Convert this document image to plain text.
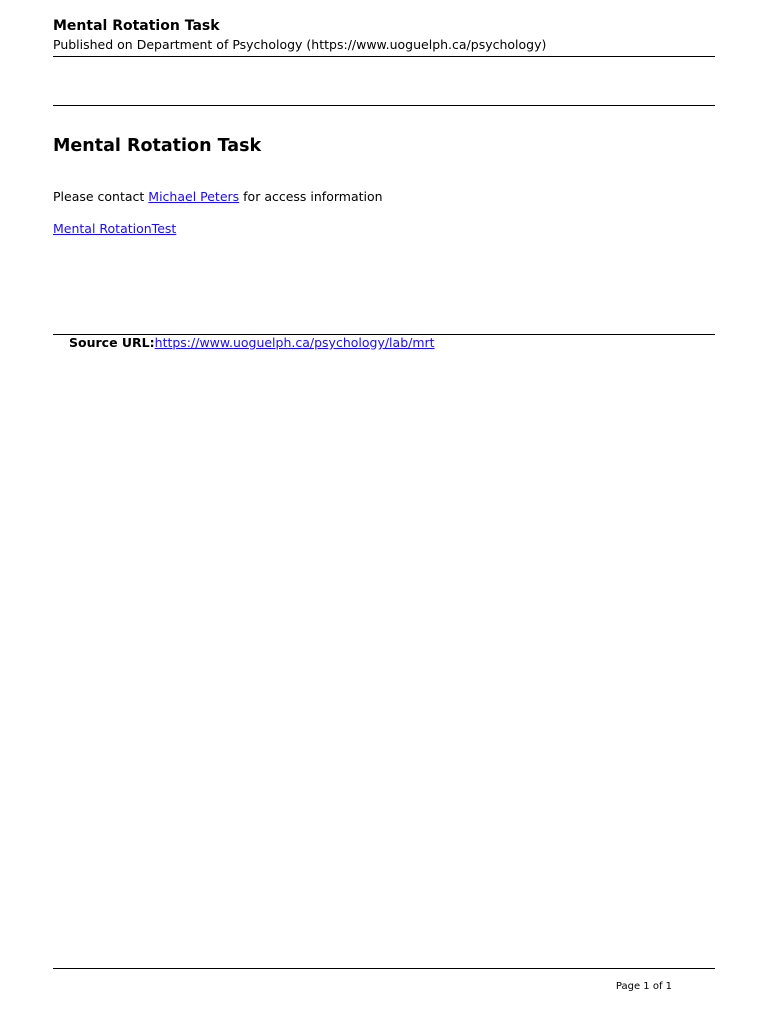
Mental Rotation Task
Published on Department of Psychology (https://www.uoguelph.ca/psychology)
Mental Rotation Task
Please contact Michael Peters for access information
Mental RotationTest
Source URL:https://www.uoguelph.ca/psychology/lab/mrt
Page 1 of 1
